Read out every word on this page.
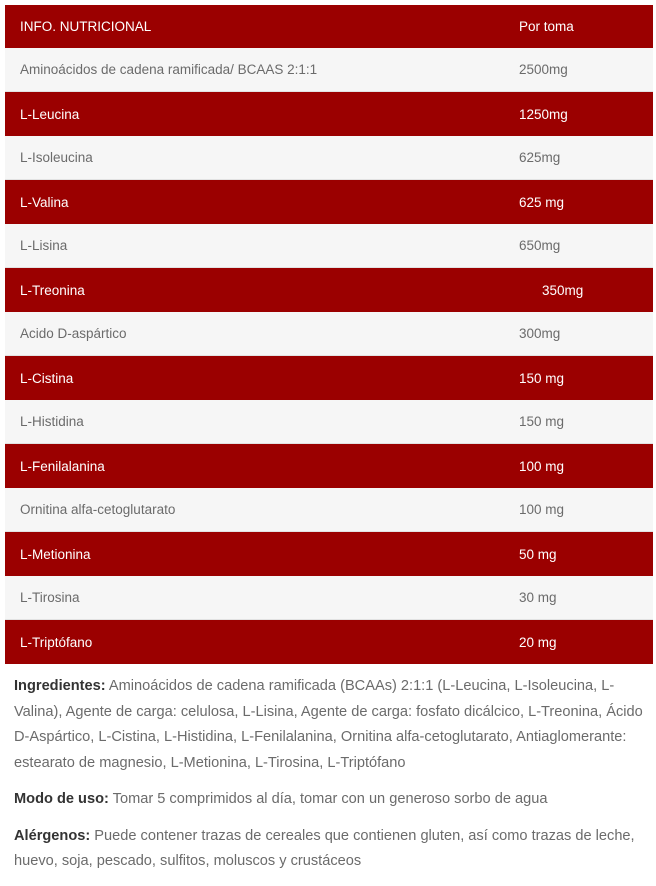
INFO. NUTRICIONAL	Por toma
Aminoácidos de cadena ramificada/ BCAAS 2:1:1	2500mg
L-Leucina	1250mg
L-Isoleucina	625mg
L-Valina	625 mg
L-Lisina	650mg
L-Treonina	350mg
Acido D-aspártico	300mg
L-Cistina	150 mg
L-Histidina	150 mg
L-Fenilalanina	100 mg
Ornitina alfa-cetoglutarato	100 mg
L-Metionina	50 mg
L-Tirosina	30 mg
L-Triptófano	20 mg

Ingredientes: Aminoácidos de cadena ramificada (BCAAs) 2:1:1 (L-Leucina, L-Isoleucina, L-Valina), Agente de carga: celulosa, L-Lisina, Agente de carga: fosfato dicálcico, L-Treonina, Ácido D-Aspártico, L-Cistina, L-Histidina, L-Fenilalanina, Ornitina alfa-cetoglutarato, Antiaglomerante: estearato de magnesio, L-Metionina, L-Tirosina, L-Triptófano

Modo de uso: Tomar 5 comprimidos al día, tomar con un generoso sorbo de agua

Alérgenos: Puede contener trazas de cereales que contienen gluten, así como trazas de leche, huevo, soja, pescado, sulfitos, moluscos y crustáceos
